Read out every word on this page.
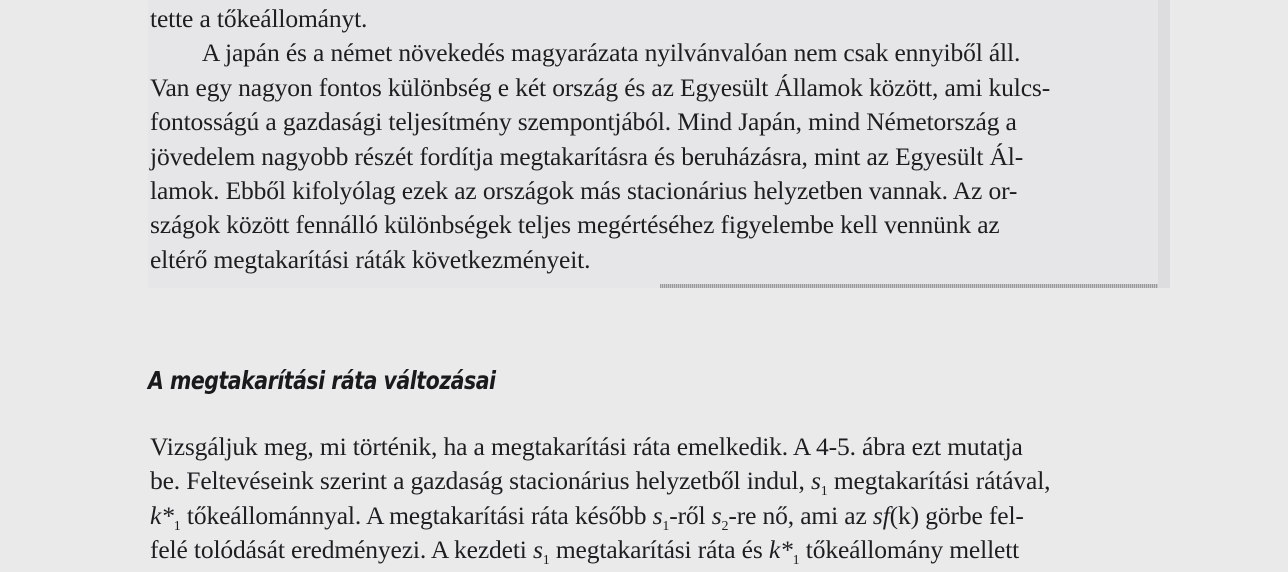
tette a tőkeállományt.
A japán és a német növekedés magyarázata nyilvánvalóan nem csak ennyiből áll.
Van egy nagyon fontos különbség e két ország és az Egyesült Államok között, ami kulcs-
fontosságú a gazdasági teljesítmény szempontjából. Mind Japán, mind Németország a
jövedelem nagyobb részét fordítja megtakarításra és beruházásra, mint az Egyesült Ál-
lamok. Ebből kifolyólag ezek az országok más stacionárius helyzetben vannak. Az or-
szágok között fennálló különbségek teljes megértéséhez figyelembe kell vennünk az
eltérő megtakarítási ráták következményeit.
A megtakarítási ráta változásai
Vizsgáljuk meg, mi történik, ha a megtakarítási ráta emelkedik. A 4-5. ábra ezt mutatja
be. Feltevéseink szerint a gazdaság stacionárius helyzetből indul, $s_1$ megtakarítási rátával,
$k*_1$ tőkeállománnyal. A megtakarítási ráta később $s_1$-ről $s_2-re$ nő, ami az sf(k) görbe fel-
felé tolódását eredményezi. A kezdeti $s_1$ megtakarítási ráta és $k*_1$ tőkeállomány mellett
